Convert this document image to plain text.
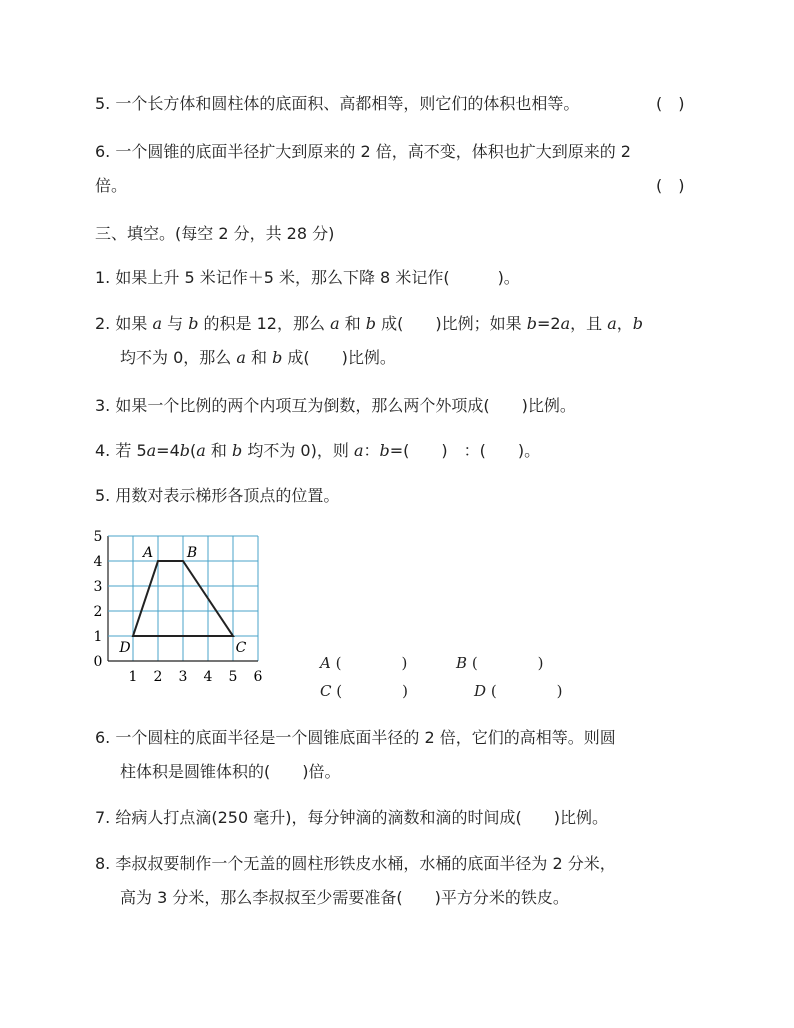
5. 一个长方体和圆柱体的底面积、高都相等，则它们的体积也相等。	(　)
6. 一个圆锥的底面半径扩大到原来的 2 倍，高不变，体积也扩大到原来的 2
倍。	(　)
三、填空。(每空 2 分，共 28 分)
1. 如果上升 5 米记作＋5 米，那么下降 8 米记作(　　　)。
2. 如果 a 与 b 的积是 12，那么 a 和 b 成(　　)比例；如果 b=2a，且 a，b
均不为 0，那么 a 和 b 成(　　)比例。
3. 如果一个比例的两个内项互为倒数，那么两个外项成(　　)比例。
4. 若 5a=4b(a 和 b 均不为 0)，则 a：b=(　　)　：(　　)。
5. 用数对表示梯形各顶点的位置。
1 2 3 4 5 6
0
1
2
3
4
5
A B
C
D
A (　　　　)	B (　　　　)
C (　　　　)	D (　　　　)
6. 一个圆柱的底面半径是一个圆锥底面半径的 2 倍，它们的高相等。则圆
柱体积是圆锥体积的(　　)倍。
7. 给病人打点滴(250 毫升)，每分钟滴的滴数和滴的时间成(　　)比例。
8. 李叔叔要制作一个无盖的圆柱形铁皮水桶，水桶的底面半径为 2 分米，
高为 3 分米，那么李叔叔至少需要准备(　　)平方分米的铁皮。
